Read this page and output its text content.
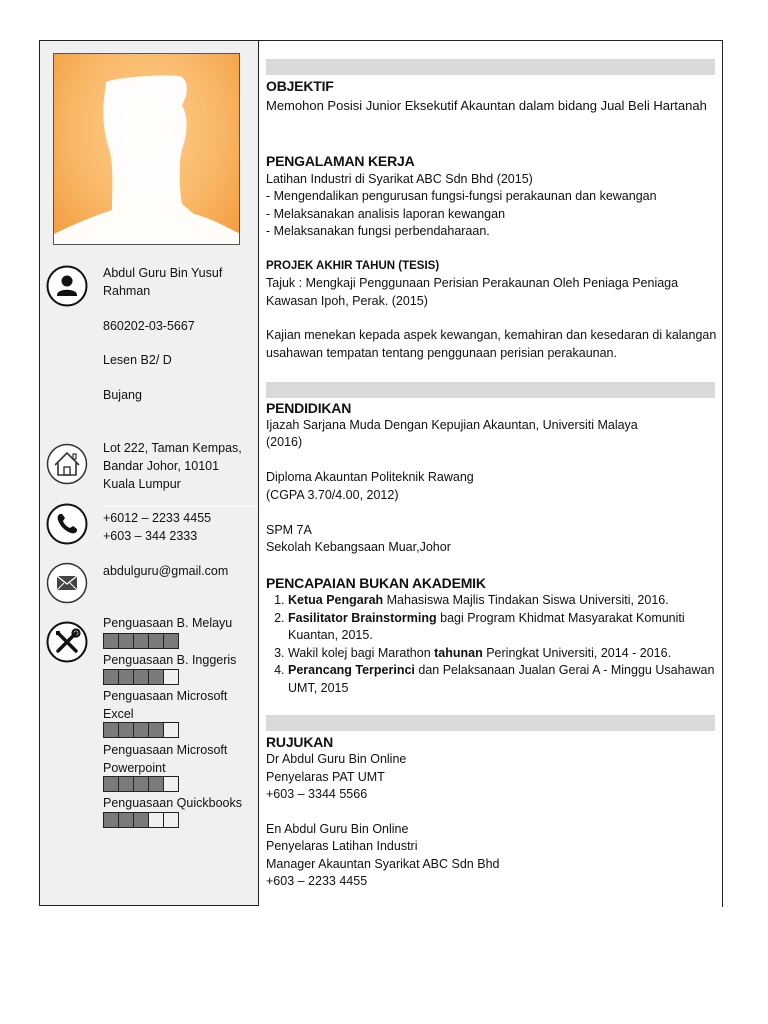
Abdul Guru Bin Yusuf Rahman
860202-03-5667
Lesen B2/ D
Bujang
Lot 222, Taman Kempas, Bandar Johor, 10101 Kuala Lumpur
+6012 – 2233 4455
+603 – 344 2333
abdulguru@gmail.com
Penguasaan B. Melayu
Penguasaan B. Inggeris
Penguasaan Microsoft Excel
Penguasaan Microsoft Powerpoint
Penguasaan Quickbooks
OBJEKTIF
Memohon Posisi Junior Eksekutif Akauntan dalam bidang Jual Beli Hartanah
PENGALAMAN KERJA
Latihan Industri di Syarikat ABC Sdn Bhd (2015)
- Mengendalikan pengurusan fungsi-fungsi perakaunan dan kewangan
- Melaksanakan analisis laporan kewangan
- Melaksanakan fungsi perbendaharaan.
PROJEK AKHIR TAHUN (TESIS)
Tajuk : Mengkaji Penggunaan Perisian Perakaunan Oleh Peniaga Peniaga Kawasan Ipoh, Perak. (2015)
Kajian menekan kepada aspek kewangan, kemahiran dan kesedaran di kalangan usahawan tempatan tentang penggunaan perisian perakaunan.
PENDIDIKAN
Ijazah Sarjana Muda Dengan Kepujian Akauntan, Universiti Malaya
(2016)
Diploma Akauntan Politeknik Rawang
(CGPA 3.70/4.00, 2012)
SPM 7A
Sekolah Kebangsaan Muar,Johor
PENCAPAIAN BUKAN AKADEMIK
1. Ketua Pengarah Mahasiswa Majlis Tindakan Siswa Universiti, 2016.
2. Fasilitator Brainstorming bagi Program Khidmat Masyarakat Komuniti Kuantan, 2015.
3. Wakil kolej bagi Marathon tahunan Peringkat Universiti, 2014 - 2016.
4. Perancang Terperinci dan Pelaksanaan Jualan Gerai A - Minggu Usahawan UMT, 2015
RUJUKAN
Dr Abdul Guru Bin Online
Penyelaras PAT UMT
+603 – 3344 5566
En Abdul Guru Bin Online
Penyelaras Latihan Industri
Manager Akauntan Syarikat ABC Sdn Bhd
+603 – 2233 4455
